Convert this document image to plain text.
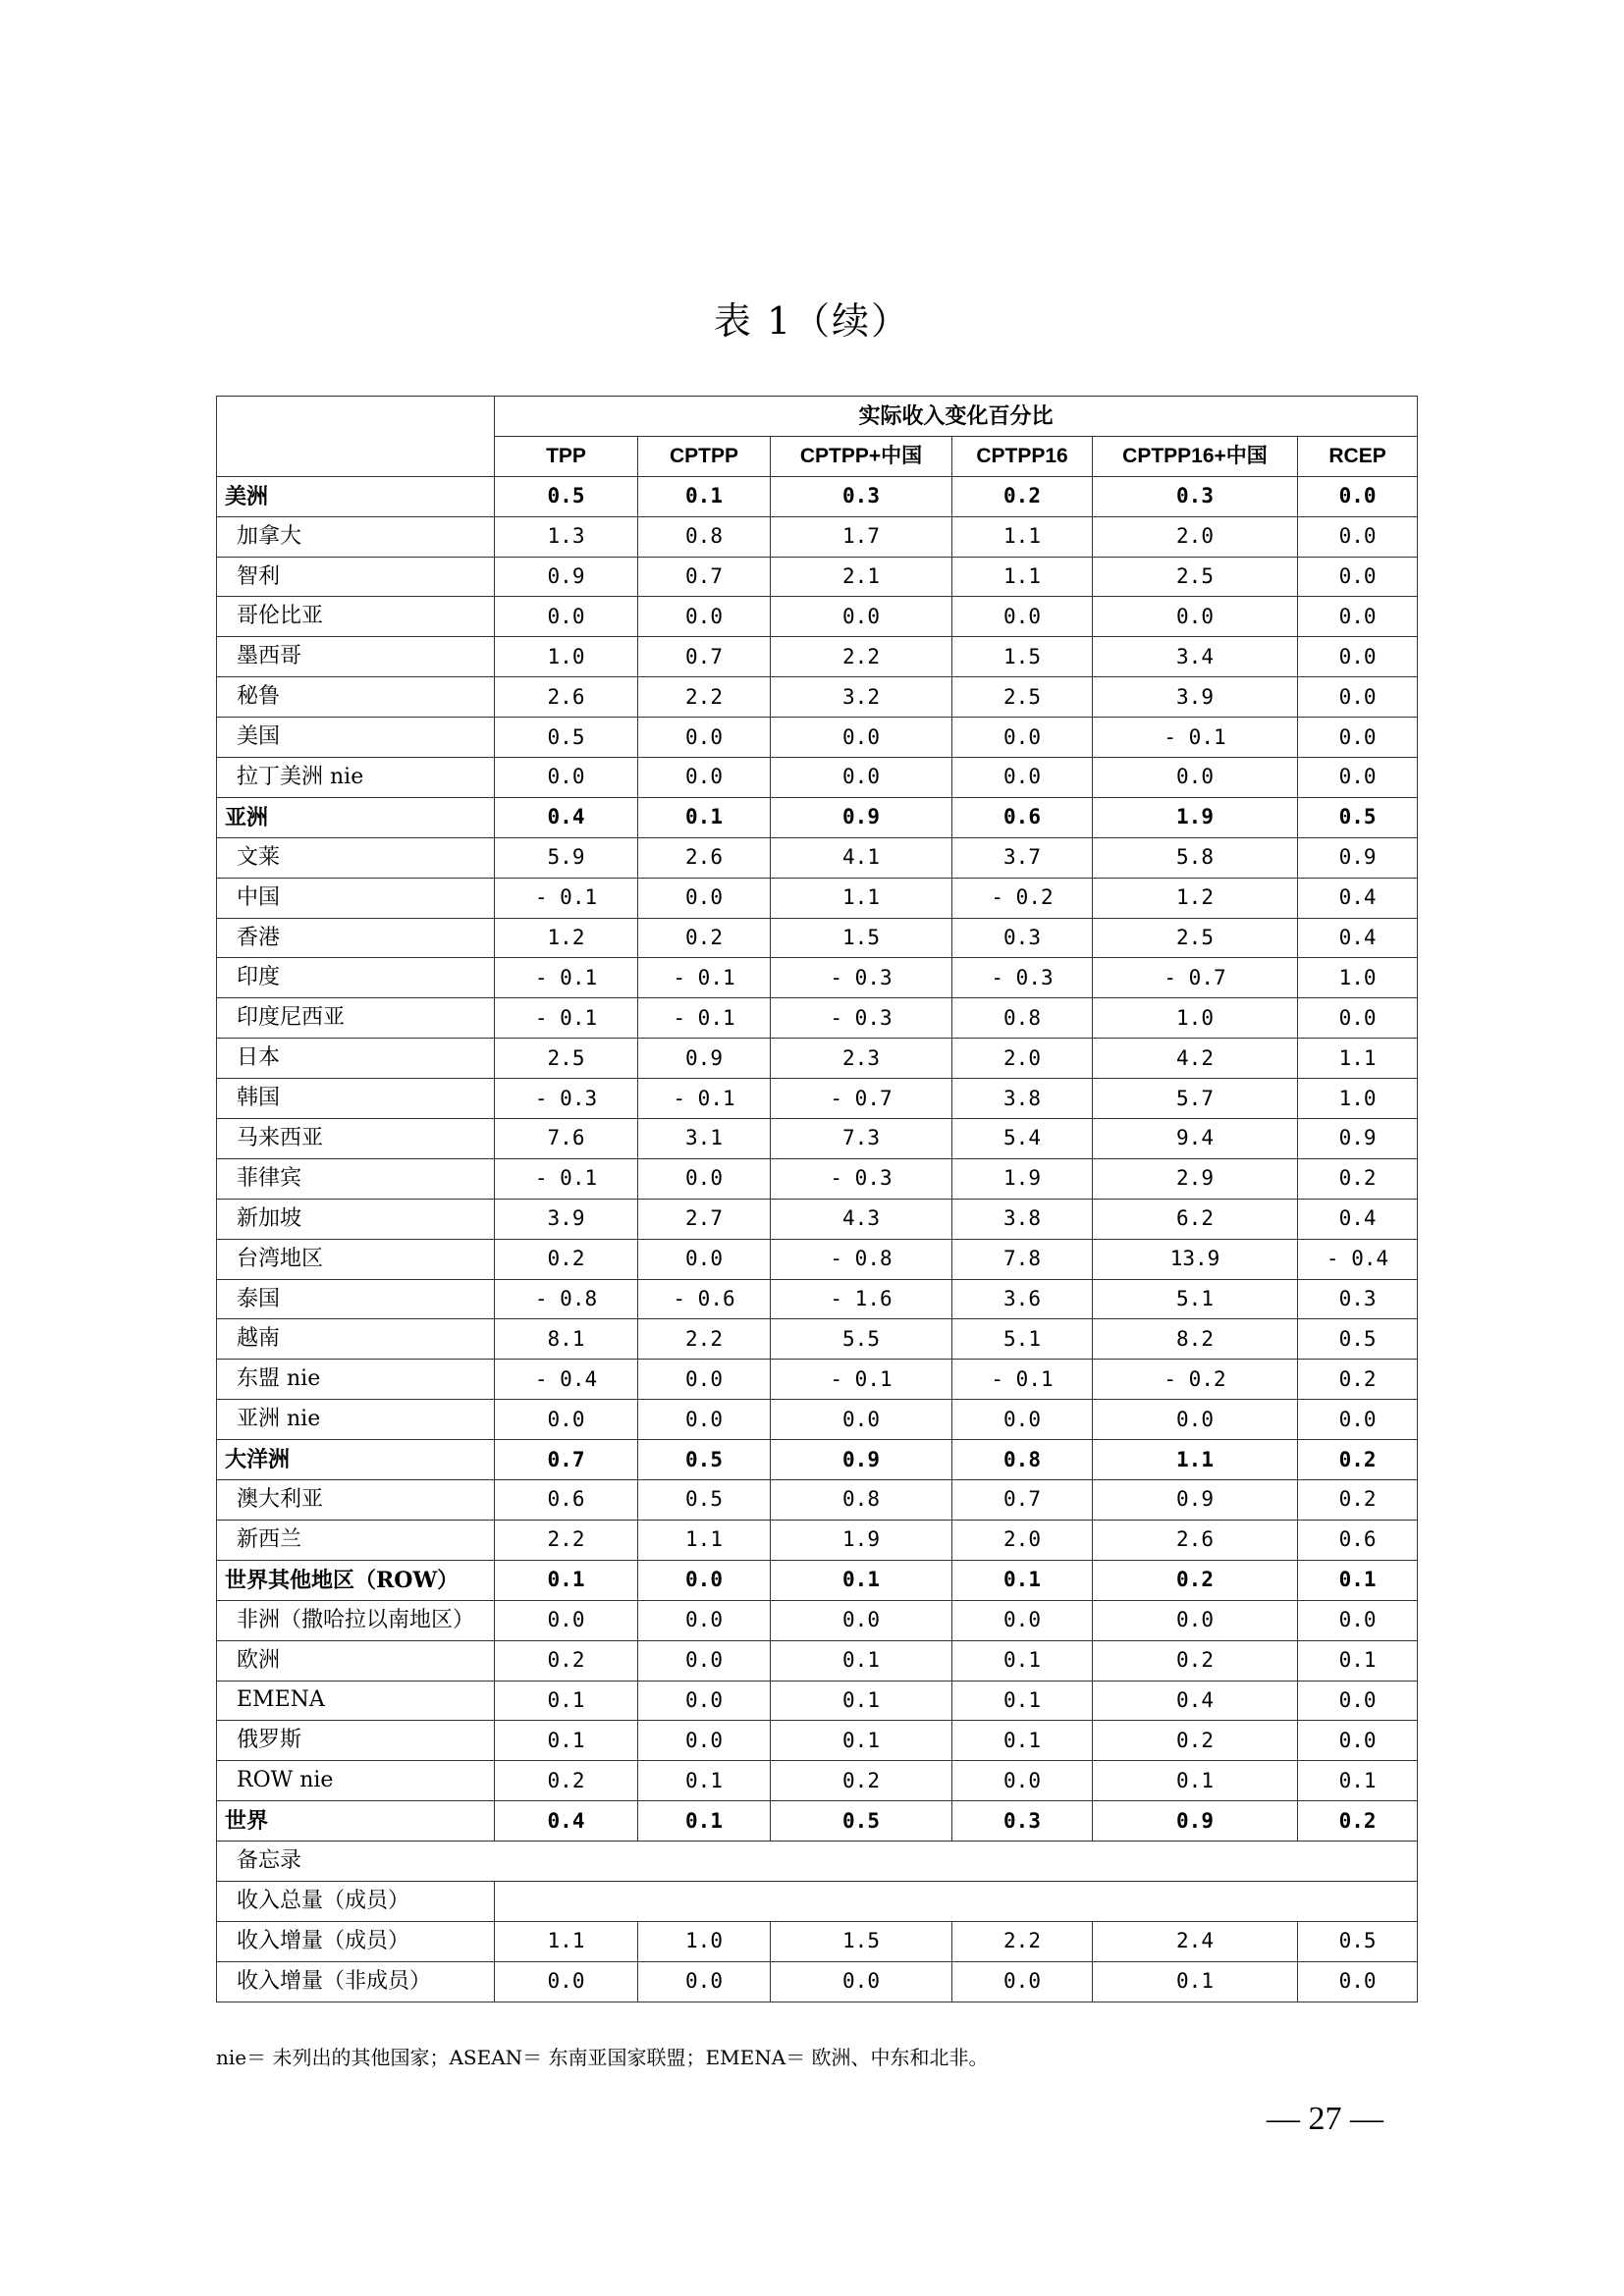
表 1（续）
	实际收入变化百分比					
	TPP	CPTPP	CPTPP+中国	CPTPP16	CPTPP16+中国	RCEP
美洲	0.5	0.1	0.3	0.2	0.3	0.0
加拿大	1.3	0.8	1.7	1.1	2.0	0.0
智利	0.9	0.7	2.1	1.1	2.5	0.0
哥伦比亚	0.0	0.0	0.0	0.0	0.0	0.0
墨西哥	1.0	0.7	2.2	1.5	3.4	0.0
秘鲁	2.6	2.2	3.2	2.5	3.9	0.0
美国	0.5	0.0	0.0	0.0	- 0.1	0.0
拉丁美洲 nie	0.0	0.0	0.0	0.0	0.0	0.0
亚洲	0.4	0.1	0.9	0.6	1.9	0.5
文莱	5.9	2.6	4.1	3.7	5.8	0.9
中国	- 0.1	0.0	1.1	- 0.2	1.2	0.4
香港	1.2	0.2	1.5	0.3	2.5	0.4
印度	- 0.1	- 0.1	- 0.3	- 0.3	- 0.7	1.0
印度尼西亚	- 0.1	- 0.1	- 0.3	0.8	1.0	0.0
日本	2.5	0.9	2.3	2.0	4.2	1.1
韩国	- 0.3	- 0.1	- 0.7	3.8	5.7	1.0
马来西亚	7.6	3.1	7.3	5.4	9.4	0.9
菲律宾	- 0.1	0.0	- 0.3	1.9	2.9	0.2
新加坡	3.9	2.7	4.3	3.8	6.2	0.4
台湾地区	0.2	0.0	- 0.8	7.8	13.9	- 0.4
泰国	- 0.8	- 0.6	- 1.6	3.6	5.1	0.3
越南	8.1	2.2	5.5	5.1	8.2	0.5
东盟 nie	- 0.4	0.0	- 0.1	- 0.1	- 0.2	0.2
亚洲 nie	0.0	0.0	0.0	0.0	0.0	0.0
大洋洲	0.7	0.5	0.9	0.8	1.1	0.2
澳大利亚	0.6	0.5	0.8	0.7	0.9	0.2
新西兰	2.2	1.1	1.9	2.0	2.6	0.6
世界其他地区（ROW）	0.1	0.0	0.1	0.1	0.2	0.1
非洲（撒哈拉以南地区）	0.0	0.0	0.0	0.0	0.0	0.0
欧洲	0.2	0.0	0.1	0.1	0.2	0.1
EMENA	0.1	0.0	0.1	0.1	0.4	0.0
俄罗斯	0.1	0.0	0.1	0.1	0.2	0.0
ROW nie	0.2	0.1	0.2	0.0	0.1	0.1
世界	0.4	0.1	0.5	0.3	0.9	0.2
备忘录						
收入总量（成员）						
收入增量（成员）	1.1	1.0	1.5	2.2	2.4	0.5
收入增量（非成员）	0.0	0.0	0.0	0.0	0.1	0.0
nie＝ 未列出的其他国家；ASEAN＝ 东南亚国家联盟；EMENA＝ 欧洲、中东和北非。
— 27 —
